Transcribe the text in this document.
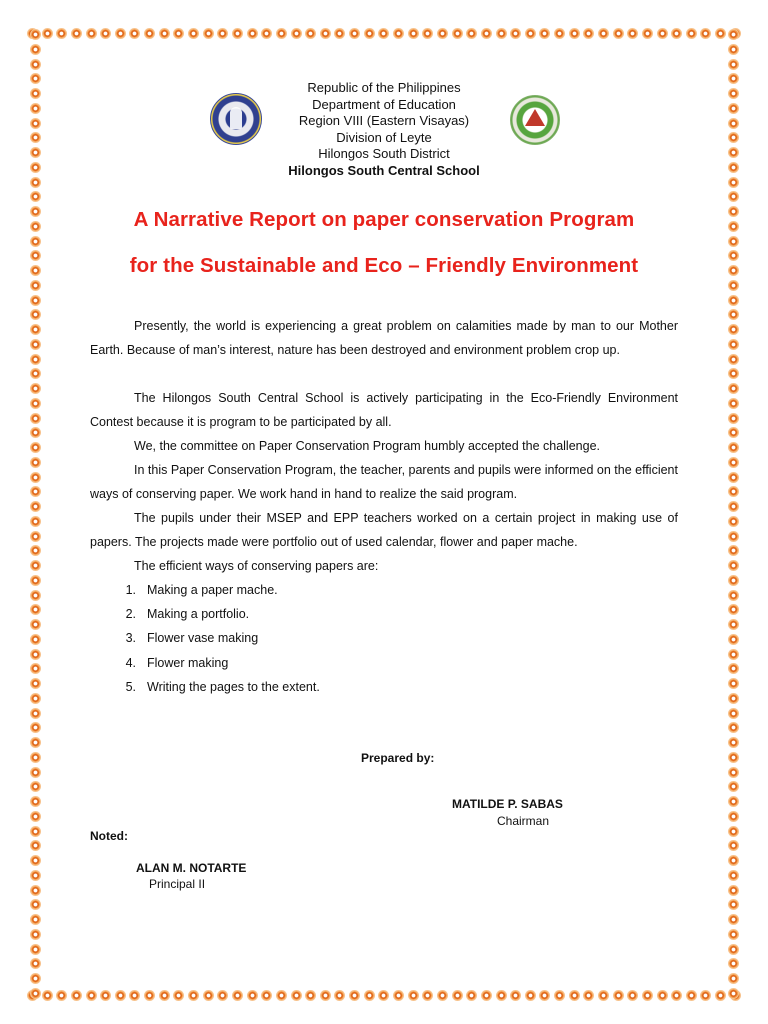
Republic of the Philippines
Department of Education
Region VIII (Eastern Visayas)
Division of Leyte
Hilongos South District
Hilongos South Central School
A Narrative Report on paper conservation Program
for the Sustainable and Eco – Friendly Environment

Presently, the world is experiencing a great problem on calamities made by man to our Mother Earth. Because of man’s interest, nature has been destroyed and environment problem crop up.

The Hilongos South Central School is actively participating in the Eco-Friendly Environment Contest because it is program to be participated by all.

We, the committee on Paper Conservation Program humbly accepted the challenge.

In this Paper Conservation Program, the teacher, parents and pupils were informed on the efficient ways of conserving paper. We work hand in hand to realize the said program.

The pupils under their MSEP and EPP teachers worked on a certain project in making use of papers. The projects made were portfolio out of used calendar, flower and paper mache.

The efficient ways of conserving papers are:

1. Making a paper mache.
2. Making a portfolio.
3. Flower vase making
4. Flower making
5. Writing the pages to the extent.
Prepared by:
MATILDE P. SABAS
Chairman
Noted:
ALAN M. NOTARTE
Principal II
